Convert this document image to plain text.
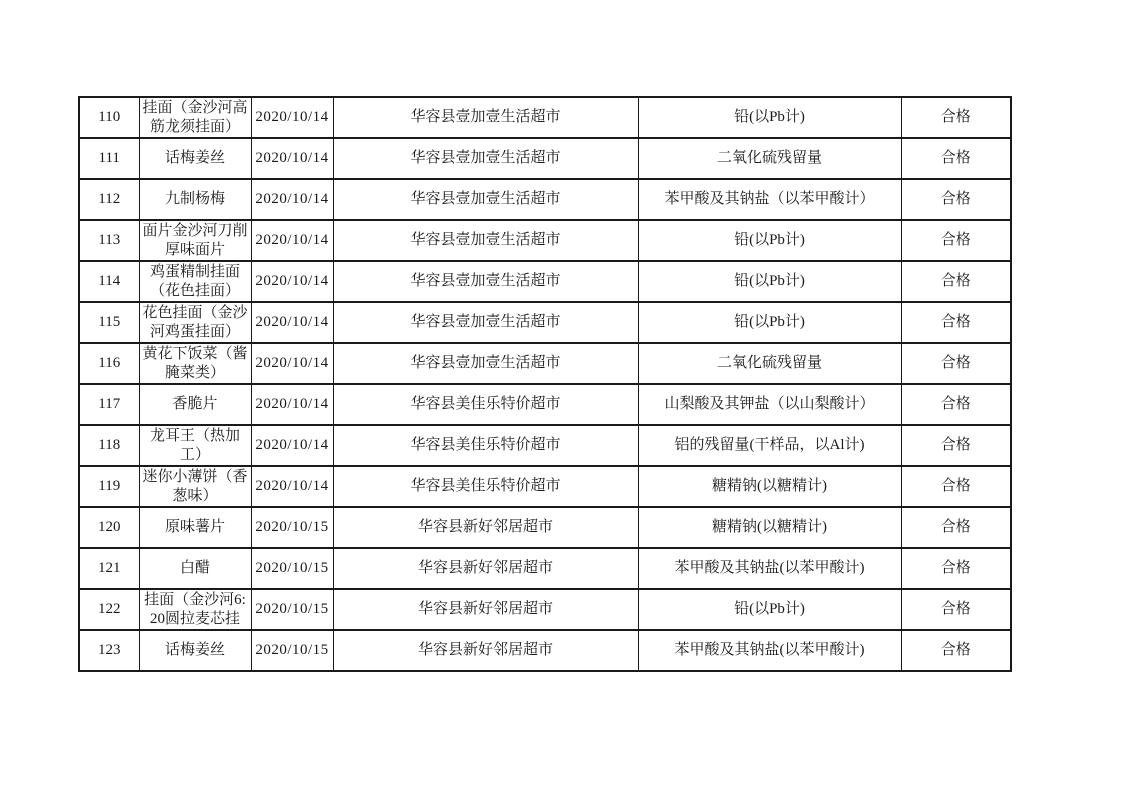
110	挂面（金沙河高筋龙须挂面）	2020/10/14	华容县壹加壹生活超市	铅(以Pb计)	合格
111	话梅姜丝	2020/10/14	华容县壹加壹生活超市	二氧化硫残留量	合格
112	九制杨梅	2020/10/14	华容县壹加壹生活超市	苯甲酸及其钠盐（以苯甲酸计）	合格
113	面片金沙河刀削厚味面片	2020/10/14	华容县壹加壹生活超市	铅(以Pb计)	合格
114	鸡蛋精制挂面（花色挂面）	2020/10/14	华容县壹加壹生活超市	铅(以Pb计)	合格
115	花色挂面（金沙河鸡蛋挂面）	2020/10/14	华容县壹加壹生活超市	铅(以Pb计)	合格
116	黄花下饭菜（酱腌菜类）	2020/10/14	华容县壹加壹生活超市	二氧化硫残留量	合格
117	香脆片	2020/10/14	华容县美佳乐特价超市	山梨酸及其钾盐（以山梨酸计）	合格
118	龙耳王（热加工）	2020/10/14	华容县美佳乐特价超市	铝的残留量(干样品，以Al计)	合格
119	迷你小薄饼（香葱味）	2020/10/14	华容县美佳乐特价超市	糖精钠(以糖精计)	合格
120	原味薯片	2020/10/15	华容县新好邻居超市	糖精钠(以糖精计)	合格
121	白醋	2020/10/15	华容县新好邻居超市	苯甲酸及其钠盐(以苯甲酸计)	合格
122	挂面（金沙河6: 20圆拉麦芯挂	2020/10/15	华容县新好邻居超市	铅(以Pb计)	合格
123	话梅姜丝	2020/10/15	华容县新好邻居超市	苯甲酸及其钠盐(以苯甲酸计)	合格
